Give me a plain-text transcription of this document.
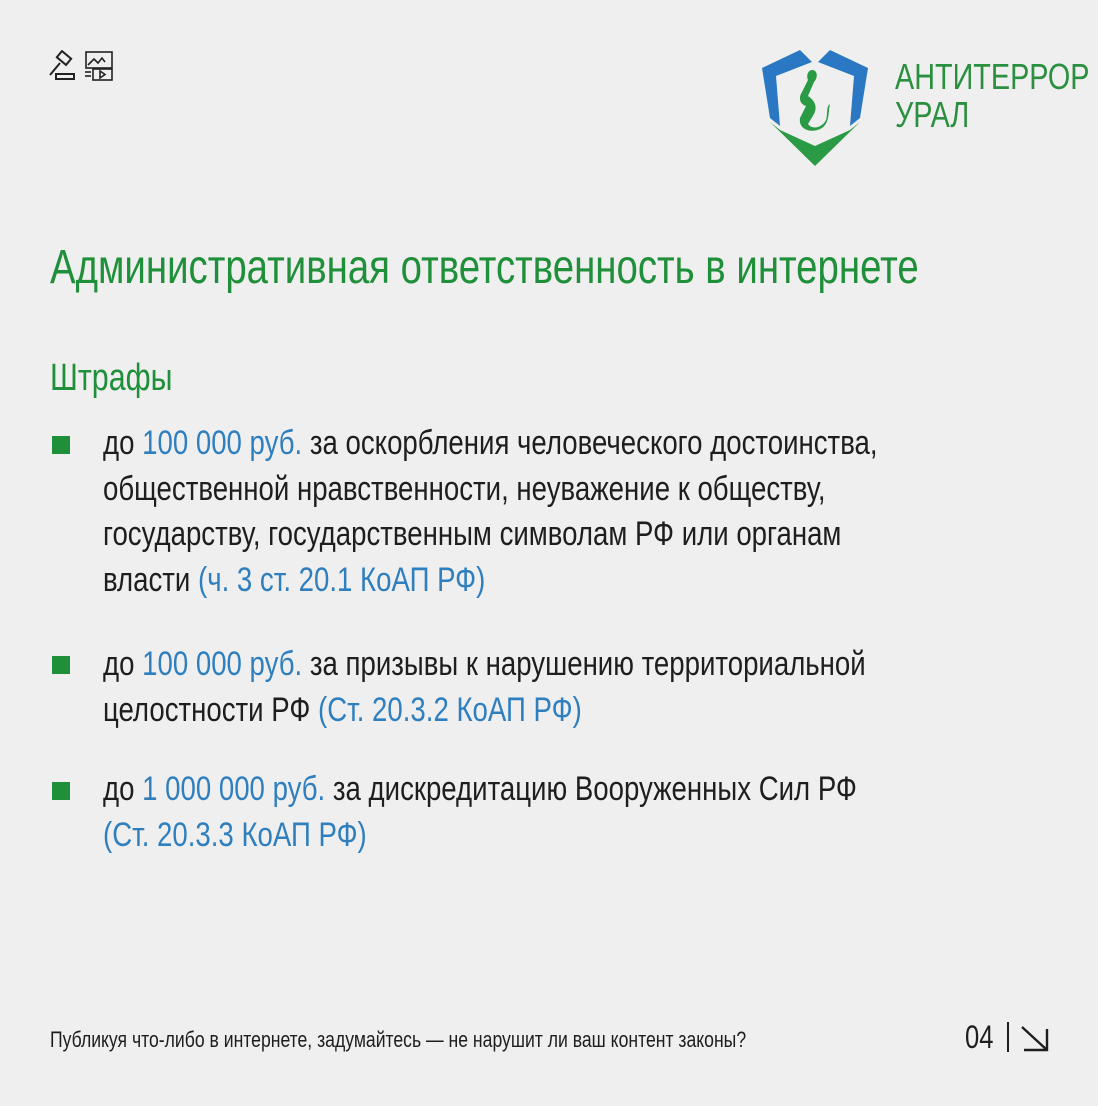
АНТИТЕРРОР
УРАЛ
Административная ответственность в интернете
Штрафы
до 100 000 руб. за оскорбления человеческого достоинства,
общественной нравственности, неуважение к обществу,
государству, государственным символам РФ или органам
власти (ч. 3 ст. 20.1 КоАП РФ)
до 100 000 руб. за призывы к нарушению территориальной
целостности РФ (Ст. 20.3.2 КоАП РФ)
до 1 000 000 руб. за дискредитацию Вооруженных Сил РФ
(Ст. 20.3.3 КоАП РФ)
Публикуя что-либо в интернете, задумайтесь — не нарушит ли ваш контент законы?	04
